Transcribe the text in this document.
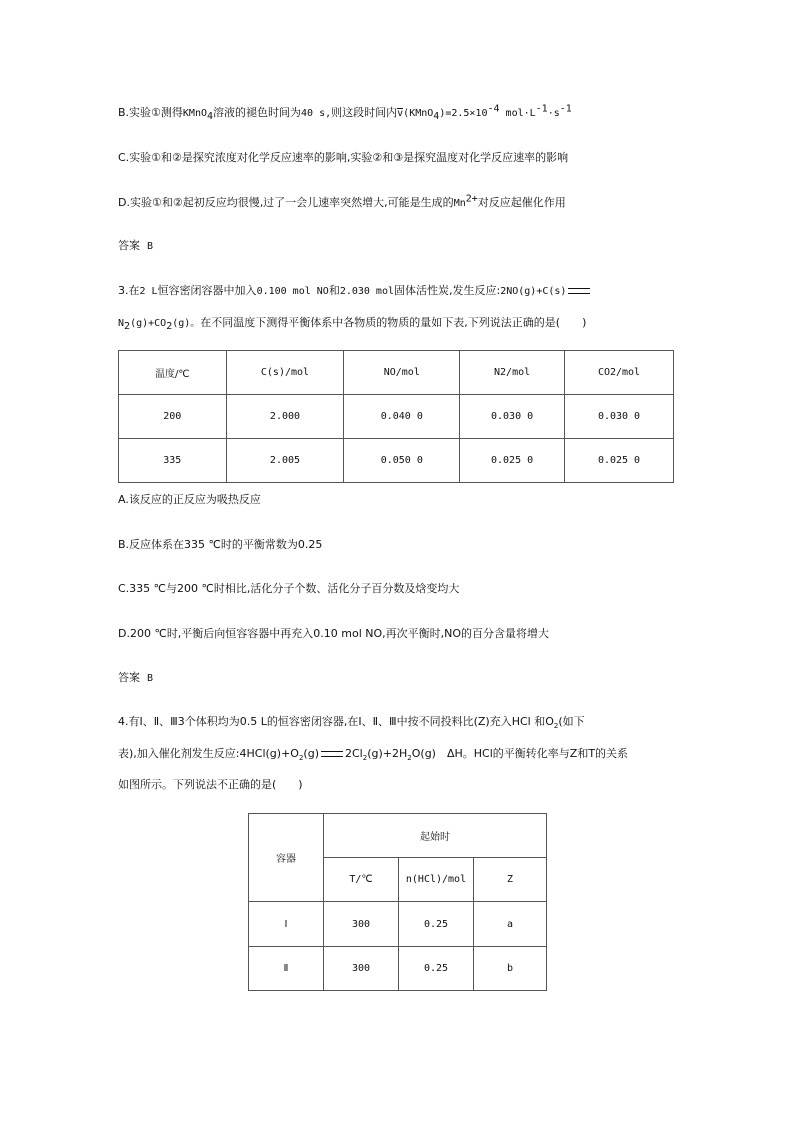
B.实验①测得KMnO$_4$溶液的褪色时间为40 s,则这段时间内$v(KMnO_4)=2.5\times 10^{-4}$ $mol\cdot L^{-1}\cdot s^{-1}$
C.实验①和②是探究浓度对化学反应速率的影响,实验②和③是探究温度对化学反应速率的影响
D.实验①和②起初反应均很慢,过了一会儿速率突然增大,可能是生成的$Mn^{2+}$对反应起催化作用
答案 B
3.在2 L恒容密闭容器中加入0.100 mol NO和2.030 mol固体活性炭,发生反应:2NO(g)+C(s)
$N_2(g)+CO_2(g)$。在不同温度下测得平衡体系中各物质的物质的量如下表,下列说法正确的是(　　)
温度/℃	C(s)/mol	NO/mol	N2/mol	CO2/mol
200	2.000	0.040 0	0.030 0	0.030 0
335	2.005	0.050 0	0.025 0	0.025 0
A.该反应的正反应为吸热反应
B.反应体系在335 ℃时的平衡常数为0.25
C.335 ℃与200 ℃时相比,活化分子个数、活化分子百分数及焓变均大
D.200 ℃时,平衡后向恒容容器中再充入0.10 mol NO,再次平衡时,NO的百分含量将增大
答案 B
4.有Ⅰ、Ⅱ、Ⅲ3个体积均为0.5 L的恒容密闭容器,在Ⅰ、Ⅱ、Ⅲ中按不同投料比(Z)充入HCl 和$O_2$(如下
表),加入催化剂发生反应$:4HCl(g)+O_2(g)$ $2Cl_2(g)+2H_2O(g)$　ΔH。HCl的平衡转化率与Z和T的关系
如图所示。下列说法不正确的是(　　)
容器	起始时		
	T/℃	n(HCl)/mol	Z
Ⅰ	300	0.25	a
Ⅱ	300	0.25	b
